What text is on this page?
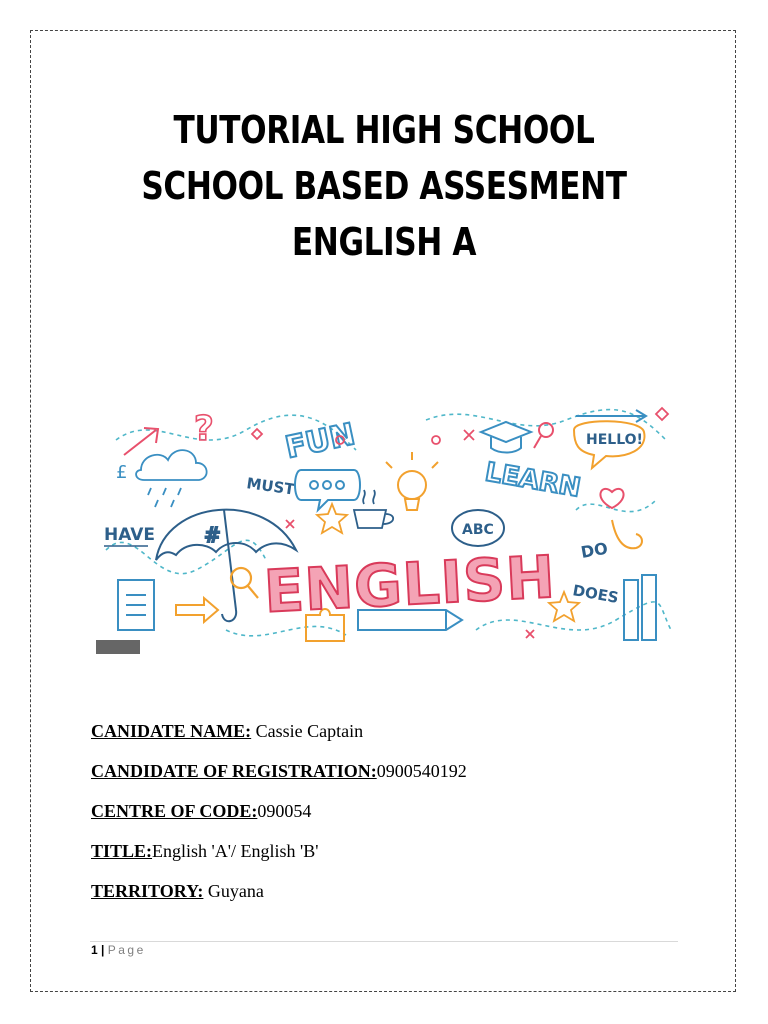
TUTORIAL HIGH SCHOOL
SCHOOL BASED ASSESMENT
ENGLISH A
?
£
HAVE
MUST
FUN
ABC
LEARN
HELLO!
DO
DOES
#
ENGLISH
CANIDATE NAME: Cassie Captain
CANDIDATE OF REGISTRATION:0900540192
CENTRE OF CODE:090054
TITLE:English 'A'/ English 'B'
TERRITORY: Guyana
1 | Page
